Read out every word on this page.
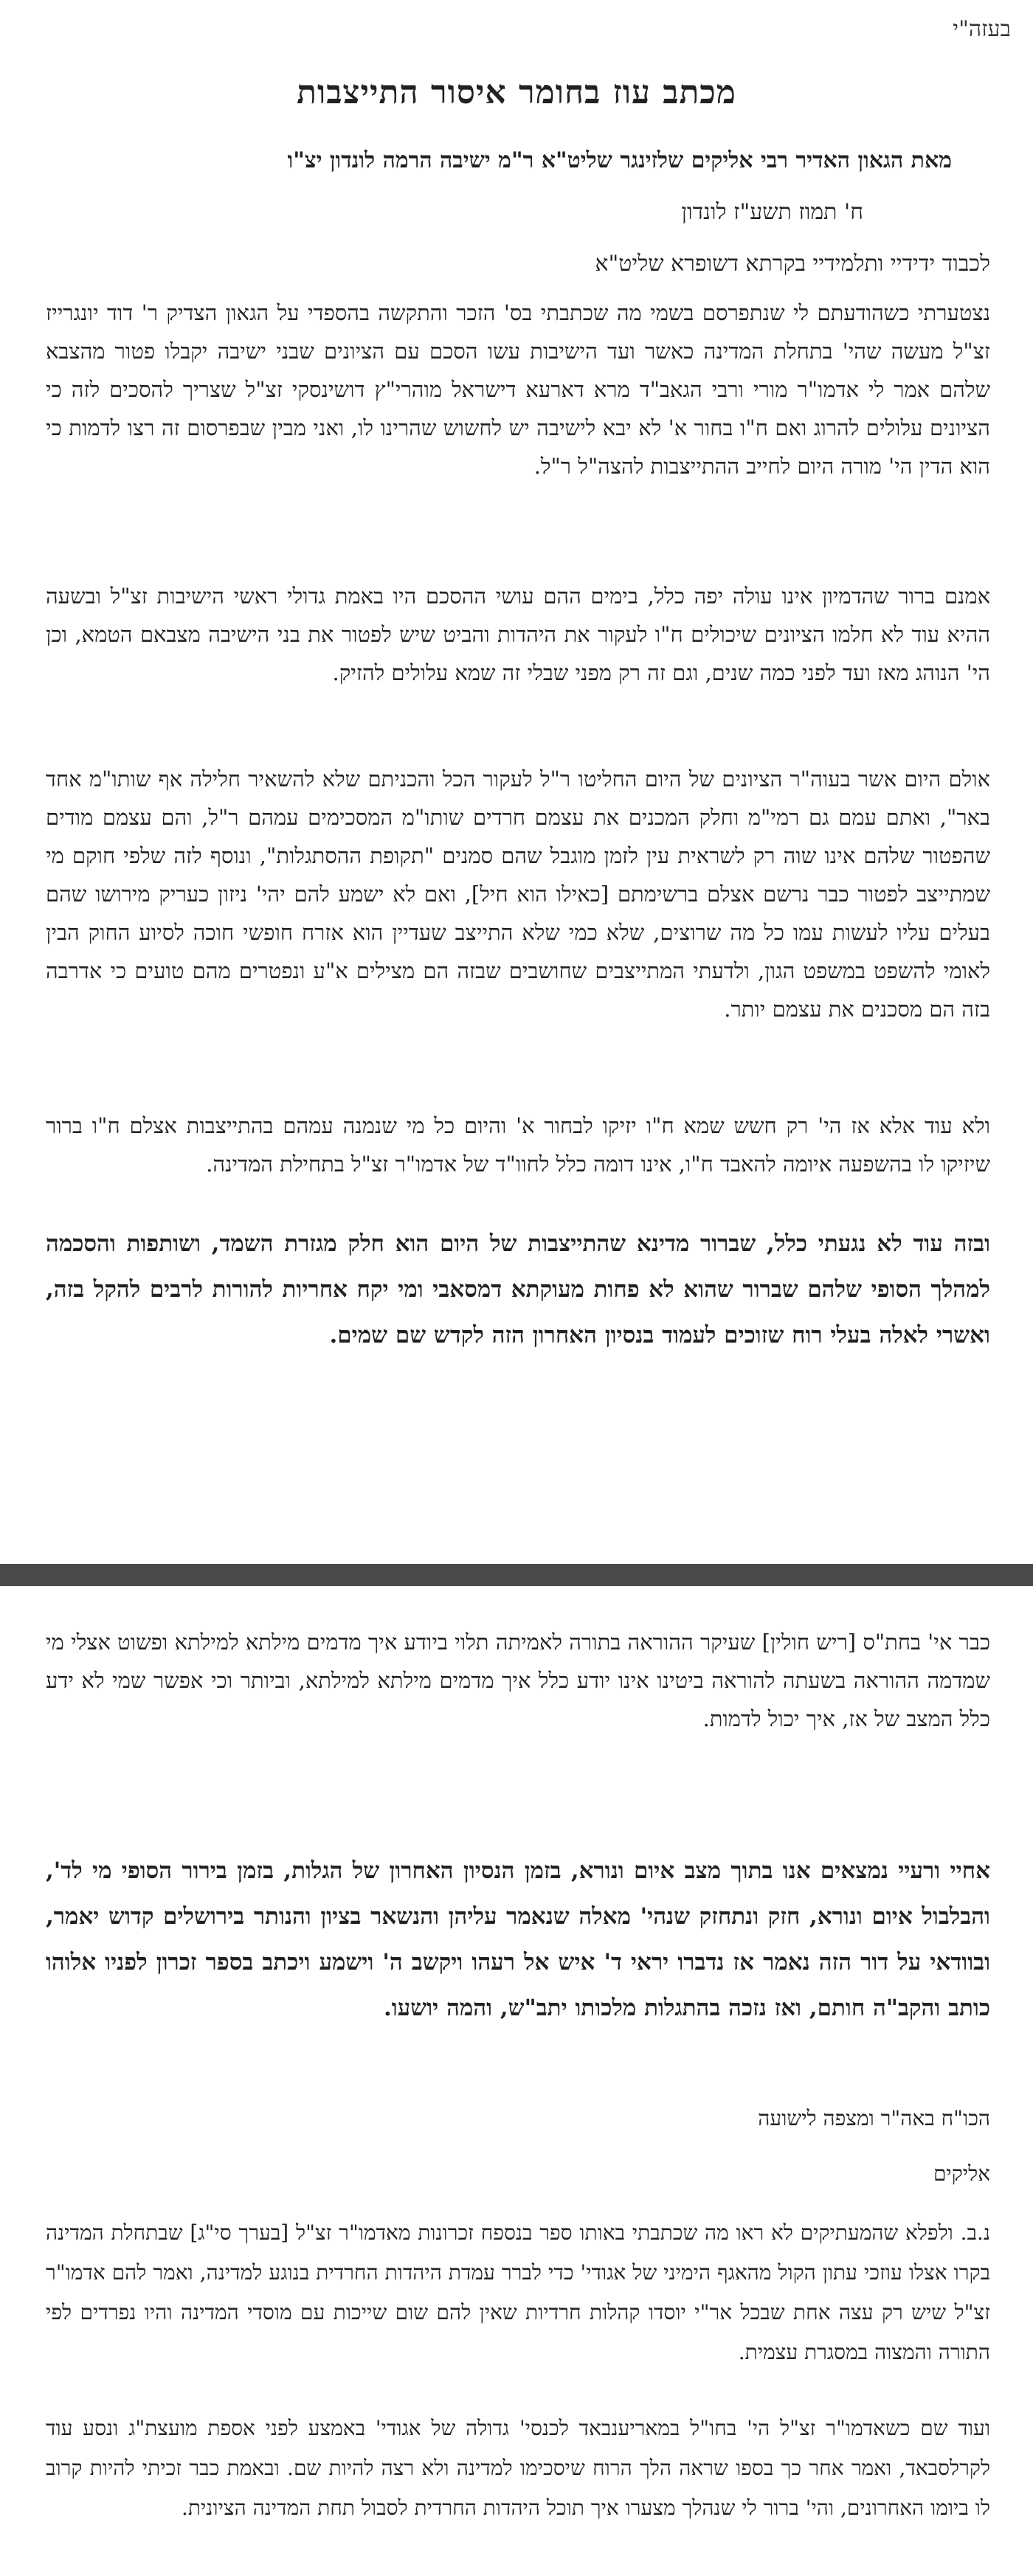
בעזה"י
מכתב עוז בחומר איסור התייצבות

מאת הגאון האדיר רבי אליקים שלזינגר שליט"א ר"מ ישיבה הרמה לונדון יצ"ו

ח' תמוז תשע"ז לונדון

לכבוד ידידיי ותלמידיי בקרתא דשופרא שליט"א

נצטערתי כשהודעתם לי שנתפרסם בשמי מה שכתבתי בס' הזכר והתקשה בהספדי על הגאון הצדיק ר' דוד יונגרייז זצ"ל מעשה שהי' בתחלת המדינה כאשר ועד הישיבות עשו הסכם עם הציונים שבני ישיבה יקבלו פטור מהצבא שלהם אמר לי אדמו"ר מורי ורבי הגאב"ד מרא דארעא דישראל מוהרי"ץ דושינסקי זצ"ל שצריך להסכים לזה כי הציונים עלולים להרוג ואם ח"ו בחור א' לא יבא לישיבה יש לחשוש שהרינו לו, ואני מבין שבפרסום זה רצו לדמות כי הוא הדין הי' מורה היום לחייב ההתייצבות להצה"ל ר"ל.

אמנם ברור שהדמיון אינו עולה יפה כלל, בימים ההם עושי ההסכם היו באמת גדולי ראשי הישיבות זצ"ל ובשעה ההיא עוד לא חלמו הציונים שיכולים ח"ו לעקור את היהדות והביט שיש לפטור את בני הישיבה מצבאם הטמא, וכן הי' הנוהג מאז ועד לפני כמה שנים, וגם זה רק מפני שבלי זה שמא עלולים להזיק.

אולם היום אשר בעוה"ר הציונים של היום החליטו ר"ל לעקור הכל והכניתם שלא להשאיר חלילה אף שותו"מ אחד באר", ואתם עמם גם רמי"מ וחלק המכנים את עצמם חרדים שותו"מ המסכימים עמהם ר"ל, והם עצמם מודים שהפטור שלהם אינו שוה רק לשראית עין לזמן מוגבל שהם סמנים "תקופת ההסתגלות", ונוסף לזה שלפי חוקם מי שמתייצב לפטור כבר נרשם אצלם ברשימתם [כאילו הוא חיל], ואם לא ישמע להם יהי' ניזון כעריק מירושו שהם בעלים עליו לעשות עמו כל מה שרוצים, שלא כמי שלא התייצב שעדיין הוא אזרח חופשי חוכה לסיוע החוק הבין לאומי להשפט במשפט הגון, ולדעתי המתייצבים שחושבים שבזה הם מצילים א"ע ונפטרים מהם טועים כי אדרבה בזה הם מסכנים את עצמם יותר.

ולא עוד אלא אז הי' רק חשש שמא ח"ו יזיקו לבחור א' והיום כל מי שנמנה עמהם בהתייצבות אצלם ח"ו ברור שיזיקו לו בהשפעה איומה להאבד ח"ו, אינו דומה כלל לחוו"ד של אדמו"ר זצ"ל בתחילת המדינה.

ובזה עוד לא נגעתי כלל, שברור מדינא שהתייצבות של היום הוא חלק מגזרת השמד, ושותפות והסכמה למהלך הסופי שלהם שברור שהוא לא פחות מעוקתא דמסאבי ומי יקח אחריות להורות לרבים להקל בזה, ואשרי לאלה בעלי רוח שזוכים לעמוד בנסיון האחרון הזה לקדש שם שמים.

כבר אי' בחת"ס [ריש חולין] שעיקר ההוראה בתורה לאמיתה תלוי ביודע איך מדמים מילתא למילתא ופשוט אצלי מי שמדמה ההוראה בשעתה להוראה ביטינו אינו יודע כלל איך מדמים מילתא למילתא, וביותר וכי אפשר שמי לא ידע כלל המצב של אז, איך יכול לדמות.

אחיי ורעיי נמצאים אנו בתוך מצב איום ונורא, בזמן הנסיון האחרון של הגלות, בזמן בירור הסופי מי לד', והבלבול איום ונורא, חזק ונתחזק שנהי' מאלה שנאמר עליהן והנשאר בציון והנותר בירושלים קדוש יאמר, ובוודאי על דור הזה נאמר אז נדברו יראי ד' איש אל רעהו ויקשב ה' וישמע ויכתב בספר זכרון לפניו אלוהו כותב והקב"ה חותם, ואז נזכה בהתגלות מלכותו יתב"ש, והמה יושעו.

הכו"ח באה"ר ומצפה לישועה

אליקים

נ.ב. ולפלא שהמעתיקים לא ראו מה שכתבתי באותו ספר בנספח זכרונות מאדמו"ר זצ"ל [בערך סי"ג] שבתחלת המדינה בקרו אצלו עוזכי עתון הקול מהאגף הימיני של אגודי' כדי לברר עמדת היהדות החרדית בנוגע למדינה, ואמר להם אדמו"ר זצ"ל שיש רק עצה אחת שבכל אר"י יוסדו קהלות חרדיות שאין להם שום שייכות עם מוסדי המדינה והיו נפרדים לפי התורה והמצוה במסגרת עצמית.

ועוד שם כשאדמו"ר זצ"ל הי' בחו"ל במאריענבאד לכנסי' גדולה של אגודי' באמצע לפני אספת מועצת"ג ונסע עוד לקרלסבאד, ואמר אחר כך בספו שראה הלך הרוח שיסכימו למדינה ולא רצה להיות שם. ובאמת כבר זכיתי להיות קרוב לו ביומו האחרונים, והי' ברור לי שנהלך מצערו איך תוכל היהדות החרדית לסבול תחת המדינה הציונית.
